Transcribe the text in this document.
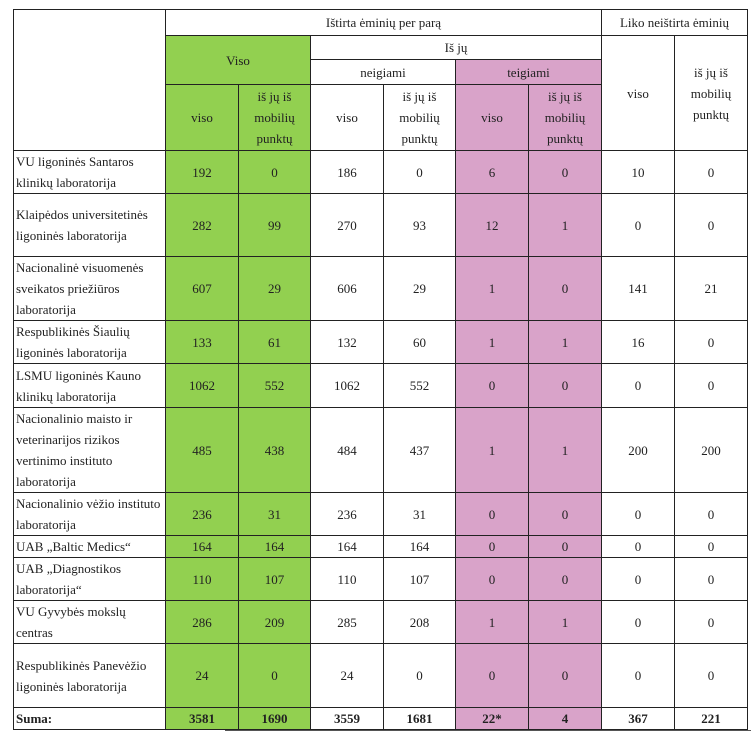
	Ištirta ėminių per parą						Liko neištirta ėminių	
	Viso		Iš jų				viso	iš jų iš mobilių punktų
			neigiami		teigiami			
	viso	iš jų iš mobilių punktų	viso	iš jų iš mobilių punktų	viso	iš jų iš mobilių punktų		
VU ligoninės Santaros klinikų laboratorija	192	0	186	0	6	0	10	0
Klaipėdos universitetinės ligoninės laboratorija	282	99	270	93	12	1	0	0
Nacionalinė visuomenės sveikatos priežiūros laboratorija	607	29	606	29	1	0	141	21
Respublikinės Šiaulių ligoninės laboratorija	133	61	132	60	1	1	16	0
LSMU ligoninės Kauno klinikų laboratorija	1062	552	1062	552	0	0	0	0
Nacionalinio maisto ir veterinarijos rizikos vertinimo instituto laboratorija	485	438	484	437	1	1	200	200
Nacionalinio vėžio instituto laboratorija	236	31	236	31	0	0	0	0
UAB „Baltic Medics“	164	164	164	164	0	0	0	0
UAB „Diagnostikos laboratorija“	110	107	110	107	0	0	0	0
VU Gyvybės mokslų centras	286	209	285	208	1	1	0	0
Respublikinės Panevėžio ligoninės laboratorija	24	0	24	0	0	0	0	0
Suma:	3581	1690	3559	1681	22*	4	367	221
